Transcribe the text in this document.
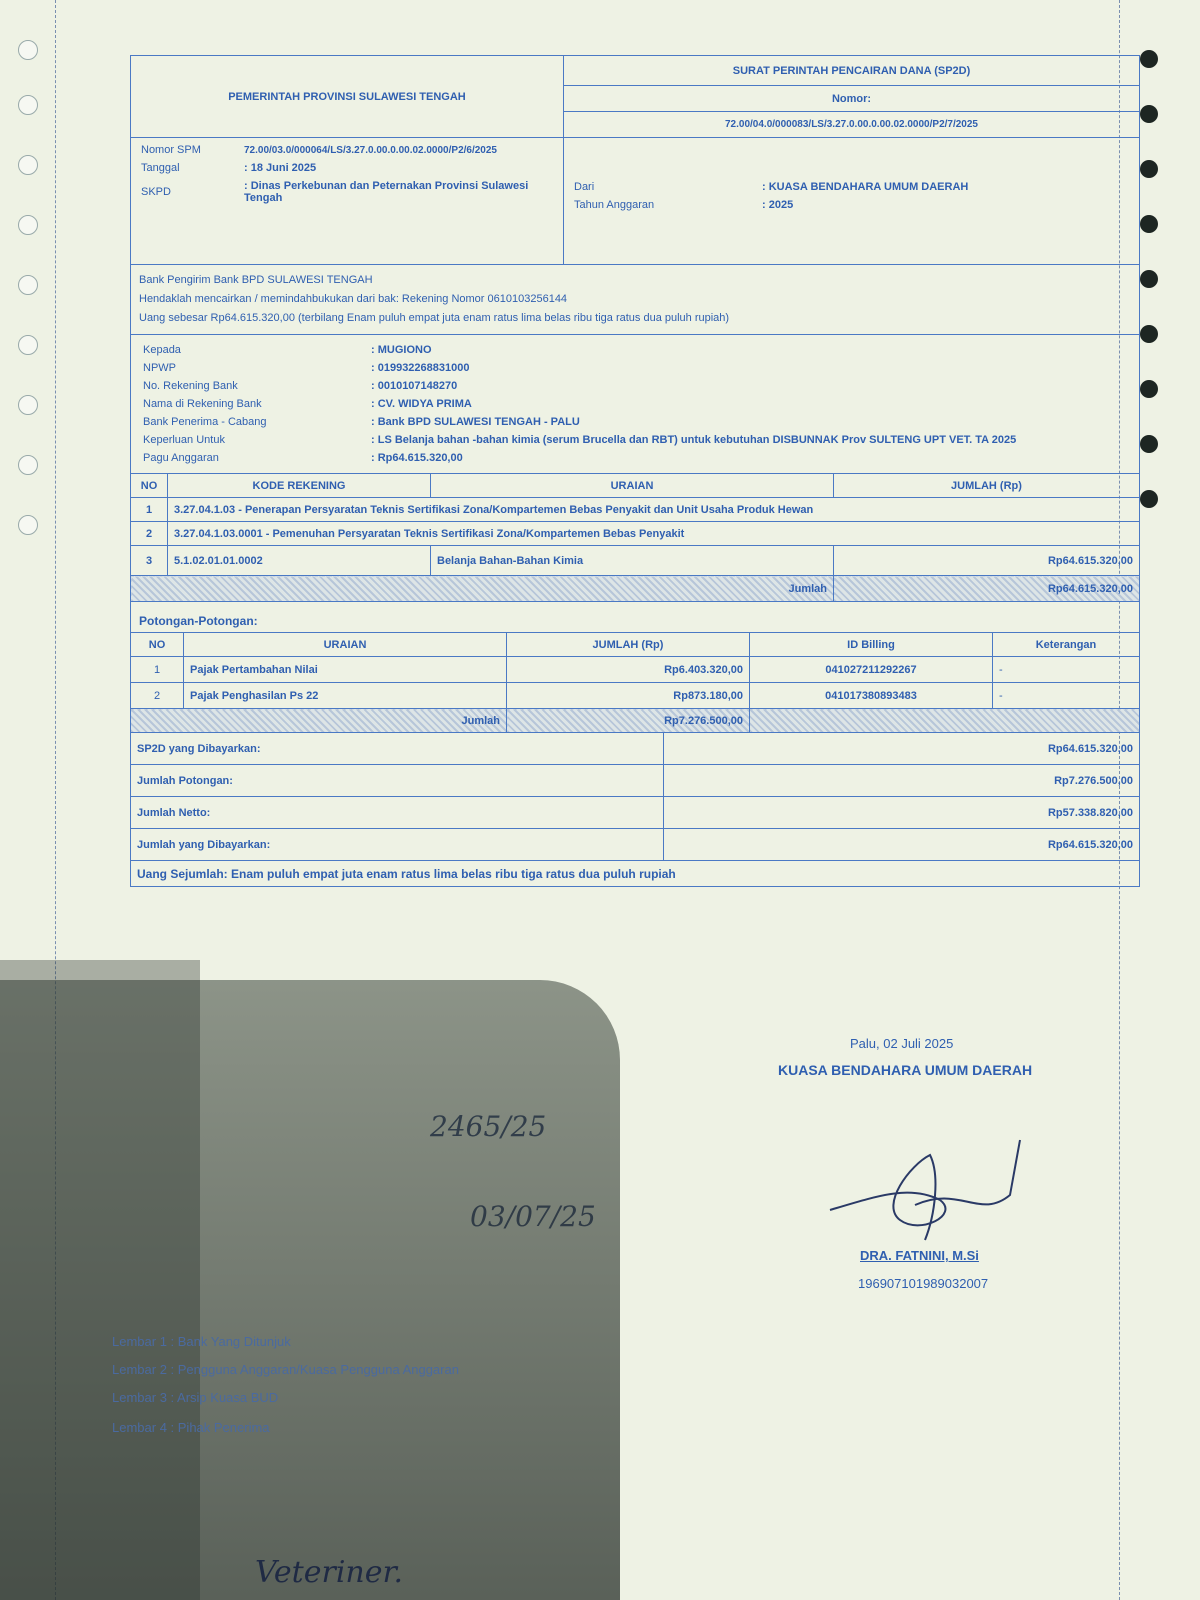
PEMERINTAH PROVINSI SULAWESI TENGAH	SURAT PERINTAH PENCAIRAN DANA (SP2D)
Nomor:
72.00/04.0/000083/LS/3.27.0.00.0.00.02.0000/P2/7/2025
Nomor SPM	72.00/03.0/000064/LS/3.27.0.00.0.00.02.0000/P2/6/2025
Tanggal	: 18 Juni 2025
SKPD	: Dinas Perkebunan dan Peternakan Provinsi Sulawesi Tengah

Dari	: KUASA BENDAHARA UMUM DAERAH
Tahun Anggaran	: 2025
Bank Pengirim Bank BPD SULAWESI TENGAH
Hendaklah mencairkan / memindahbukukan dari bak: Rekening Nomor 0610103256144
Uang sebesar Rp64.615.320,00 (terbilang Enam puluh empat juta enam ratus lima belas ribu tiga ratus dua puluh rupiah)
Kepada	: MUGIONO
NPWP	: 019932268831000
No. Rekening Bank	: 0010107148270
Nama di Rekening Bank	: CV. WIDYA PRIMA
Bank Penerima - Cabang	: Bank BPD SULAWESI TENGAH - PALU
Keperluan Untuk	: LS Belanja bahan -bahan kimia (serum Brucella dan RBT) untuk kebutuhan DISBUNNAK Prov SULTENG UPT VET. TA 2025
Pagu Anggaran	: Rp64.615.320,00
NO	KODE REKENING	URAIAN	JUMLAH (Rp)
1	3.27.04.1.03 - Penerapan Persyaratan Teknis Sertifikasi Zona/Kompartemen Bebas Penyakit dan Unit Usaha Produk Hewan		
2	3.27.04.1.03.0001 - Pemenuhan Persyaratan Teknis Sertifikasi Zona/Kompartemen Bebas Penyakit		
3	5.1.02.01.01.0002	Belanja Bahan-Bahan Kimia	Rp64.615.320,00
Jumlah			Rp64.615.320,00
Potongan-Potongan:
NO	URAIAN	JUMLAH (Rp)	ID Billing	Keterangan
1	Pajak Pertambahan Nilai	Rp6.403.320,00	041027211292267	-
2	Pajak Penghasilan Ps 22	Rp873.180,00	041017380893483	-
Jumlah		Rp7.276.500,00		
SP2D yang Dibayarkan:	Rp64.615.320,00
Jumlah Potongan:	Rp7.276.500,00
Jumlah Netto:	Rp57.338.820,00
Jumlah yang Dibayarkan:	Rp64.615.320,00
Uang Sejumlah: Enam puluh empat juta enam ratus lima belas ribu tiga ratus dua puluh rupiah	
Palu, 02 Juli 2025
KUASA BENDAHARA UMUM DAERAH
DRA. FATNINI, M.Si
196907101989032007
Lembar 1 : Bank Yang Ditunjuk
Lembar 2 : Pengguna Anggaran/Kuasa Pengguna Anggaran
Lembar 3 : Arsip Kuasa BUD
Lembar 4 : Pihak Penerima
Veteriner.
